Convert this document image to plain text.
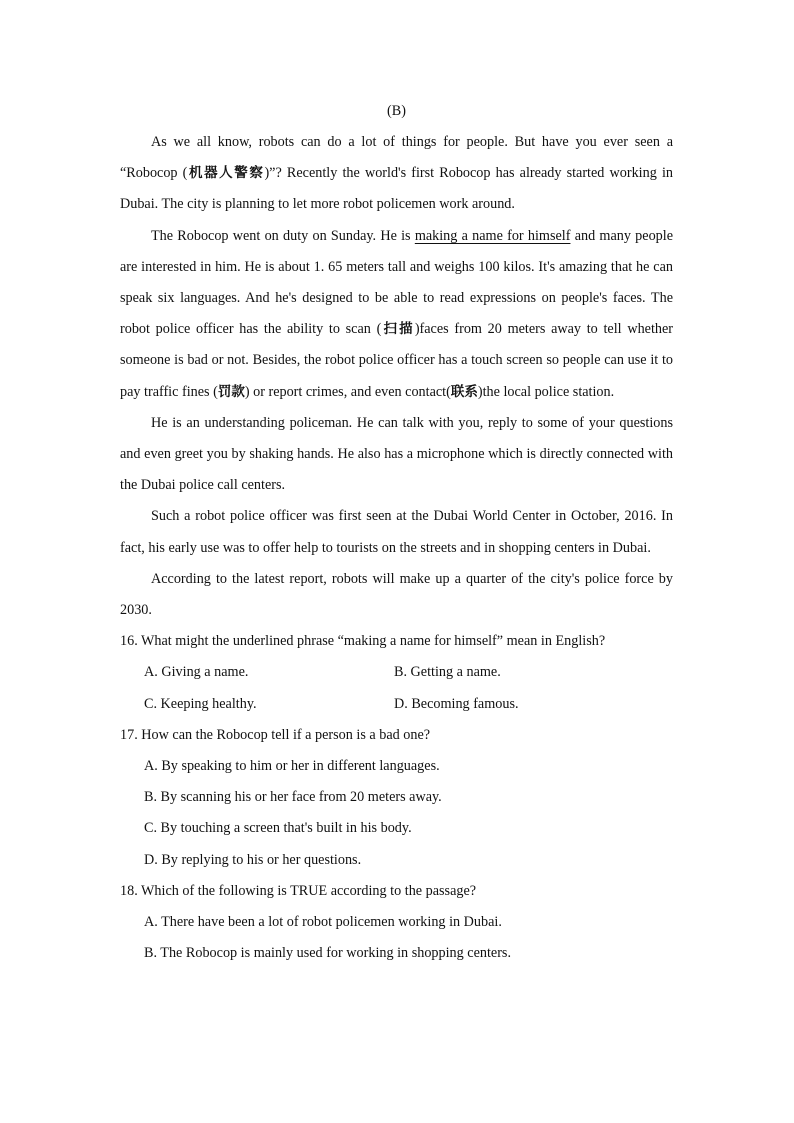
(B)

As we all know, robots can do a lot of things for people. But have you ever seen a “Robocop (机器人警察)”? Recently the world's first Robocop has already started working in Dubai. The city is planning to let more robot policemen work around.

The Robocop went on duty on Sunday. He is making a name for himself and many people are interested in him. He is about 1. 65 meters tall and weighs 100 kilos. It's amazing that he can speak six languages. And he's designed to be able to read expressions on people's faces. The robot police officer has the ability to scan (扫描)faces from 20 meters away to tell whether someone is bad or not. Besides, the robot police officer has a touch screen so people can use it to pay traffic fines (罚款) or report crimes, and even contact(联系)the local police station.

He is an understanding policeman. He can talk with you, reply to some of your questions and even greet you by shaking hands. He also has a microphone which is directly connected with the Dubai police call centers.

Such a robot police officer was first seen at the Dubai World Center in October, 2016. In fact, his early use was to offer help to tourists on the streets and in shopping centers in Dubai.

According to the latest report, robots will make up a quarter of the city's police force by 2030.

16. What might the underlined phrase “making a name for himself” mean in English?

A. Giving a name.	B. Getting a name.
C. Keeping healthy.	D. Becoming famous.

17. How can the Robocop tell if a person is a bad one?

A. By speaking to him or her in different languages.
B. By scanning his or her face from 20 meters away.
C. By touching a screen that's built in his body.
D. By replying to his or her questions.

18. Which of the following is TRUE according to the passage?

A. There have been a lot of robot policemen working in Dubai.
B. The Robocop is mainly used for working in shopping centers.
